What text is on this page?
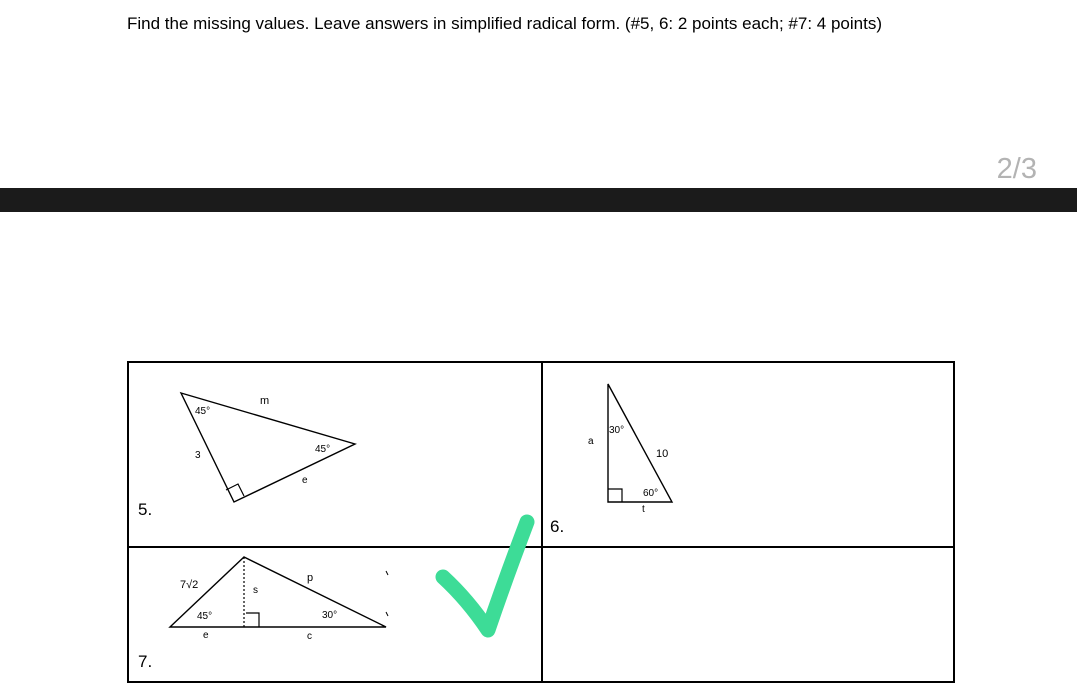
Find the missing values. Leave answers in simplified radical form. (#5, 6: 2 points each; #7: 4 points)
2/3
5.
6.
7.
45°
m
45°
3
e
30°
a
10
60°
t
7√2	s
p
45°	30°
e	c
